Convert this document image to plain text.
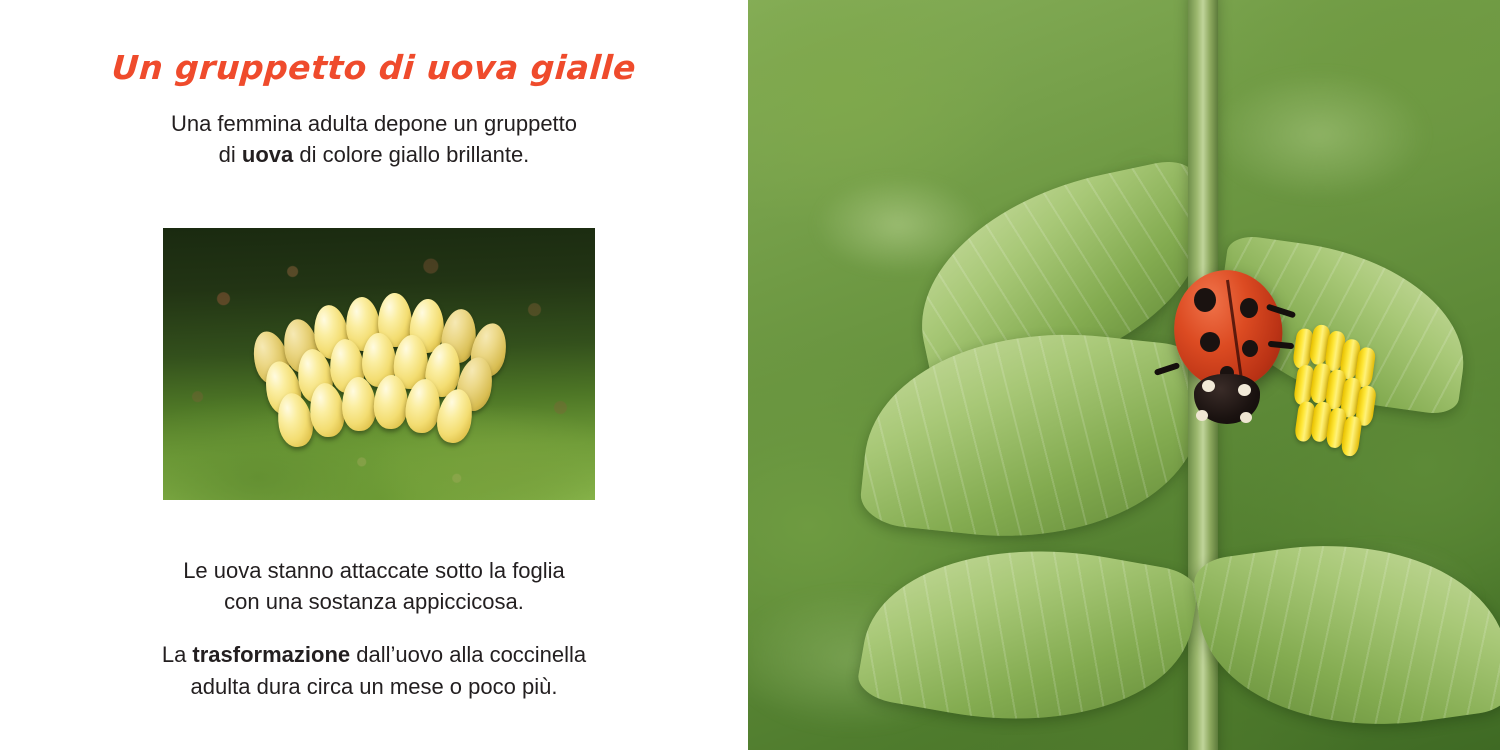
Un gruppetto di uova gialle
Una femmina adulta depone un gruppetto
di uova di colore giallo brillante.

Le uova stanno attaccate sotto la foglia
con una sostanza appiccicosa.

La trasformazione dall’uovo alla coccinella
adulta dura circa un mese o poco più.
